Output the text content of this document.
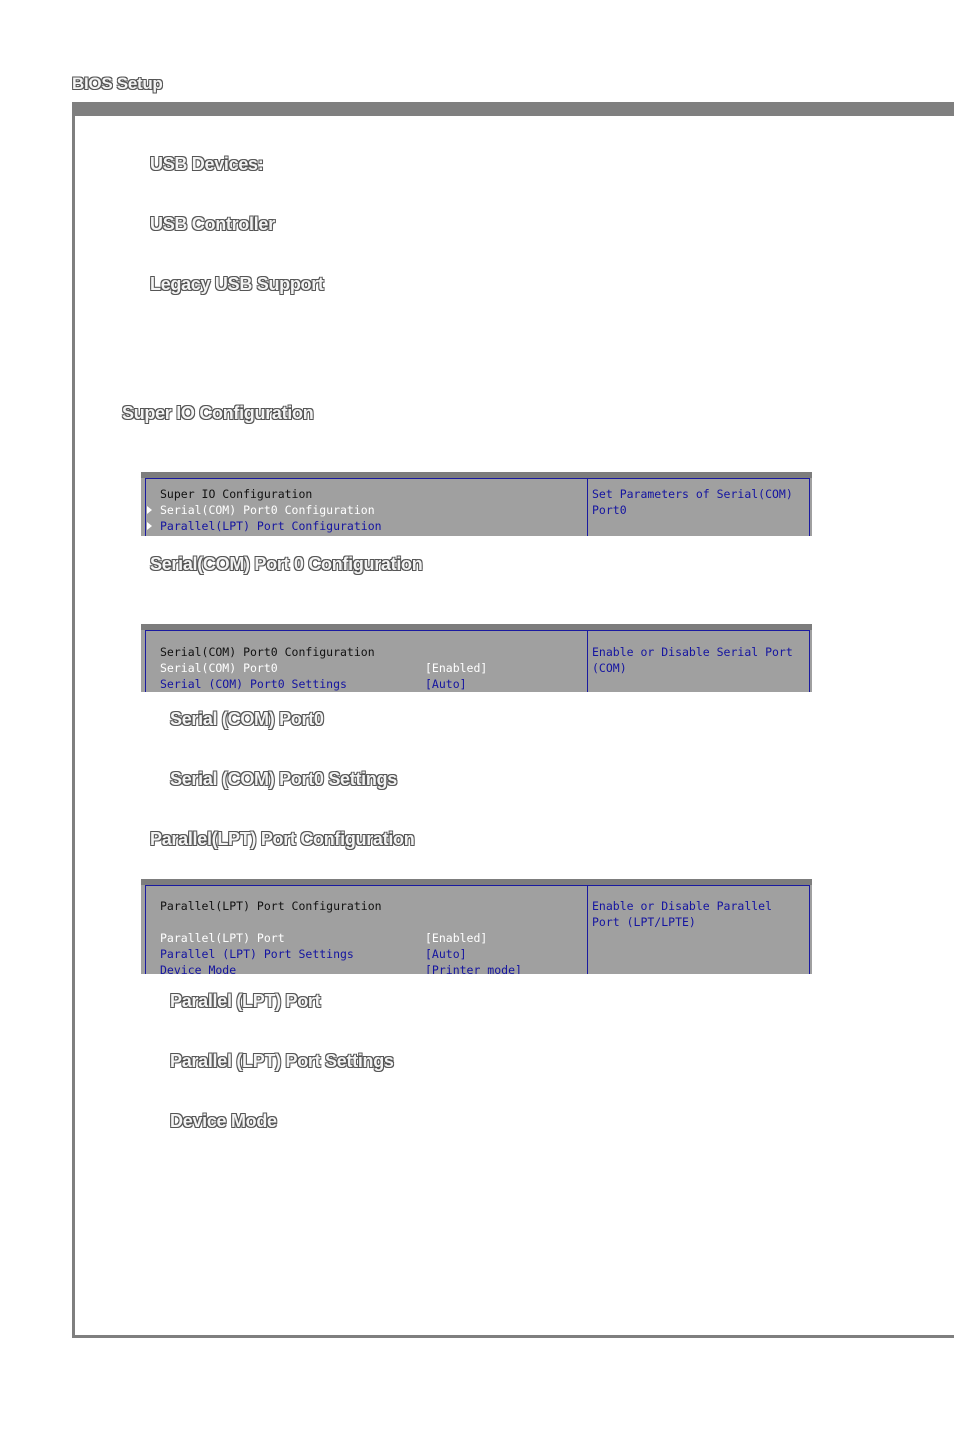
BIOS Setup
USB Devices:
USB Controller
Legacy USB Support
Super IO Configuration
Super IO Configuration
Serial(COM) Port0 Configuration
Parallel(LPT) Port Configuration
Set Parameters of Serial(COM)
Port0
Serial(COM) Port 0 Configuration
Serial(COM) Port0 Configuration
Serial(COM) Port0	[Enabled]
Serial (COM) Port0 Settings	[Auto]
Enable or Disable Serial Port
(COM)
Serial (COM) Port0
Serial (COM) Port0 Settings
Parallel(LPT) Port Configuration
Parallel(LPT) Port Configuration
Parallel(LPT) Port	[Enabled]
Parallel (LPT) Port Settings	[Auto]
Device Mode	[Printer mode]
Enable or Disable Parallel
Port (LPT/LPTE)
Parallel (LPT) Port
Parallel (LPT) Port Settings
Device Mode
